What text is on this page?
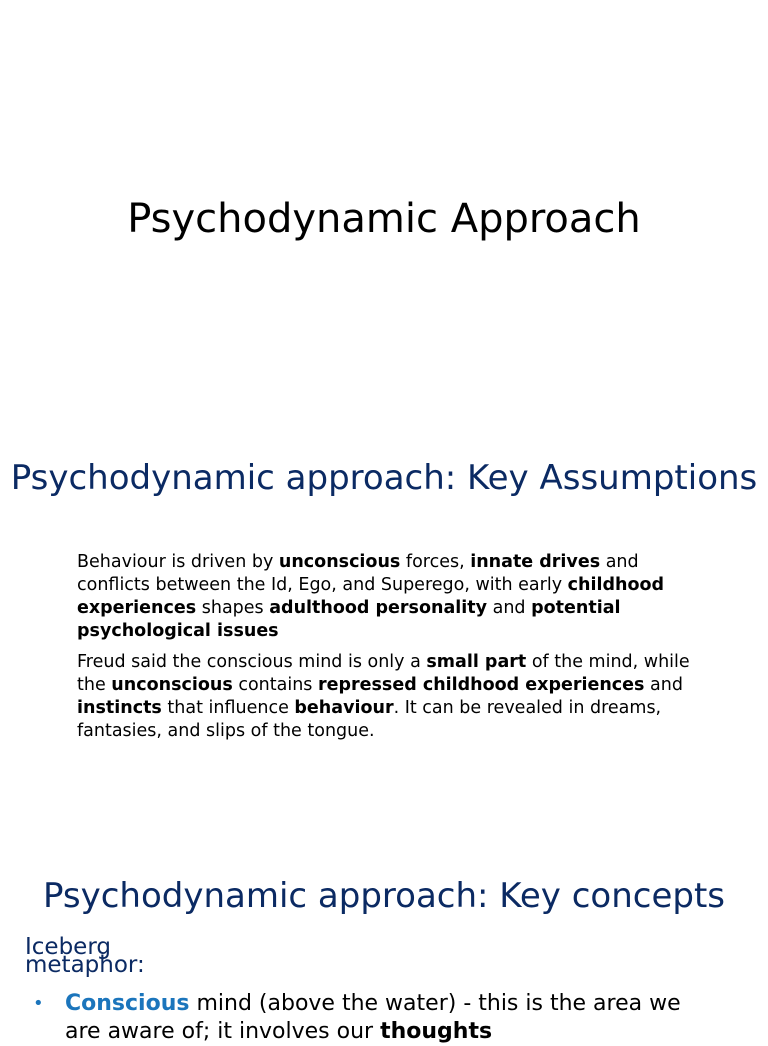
Psychodynamic Approach
Psychodynamic approach: Key Assumptions

Behaviour is driven by unconscious forces, innate drives and conflicts between the Id, Ego, and Superego, with early childhood experiences shapes adulthood personality and potential psychological issues

Freud said the conscious mind is only a small part of the mind, while the unconscious contains repressed childhood experiences and instincts that influence behaviour. It can be revealed in dreams, fantasies, and slips of the tongue.

Psychodynamic approach: Key concepts
Iceberg metaphor:
• Conscious mind (above the water) - this is the area we
are aware of; it involves our thoughts
